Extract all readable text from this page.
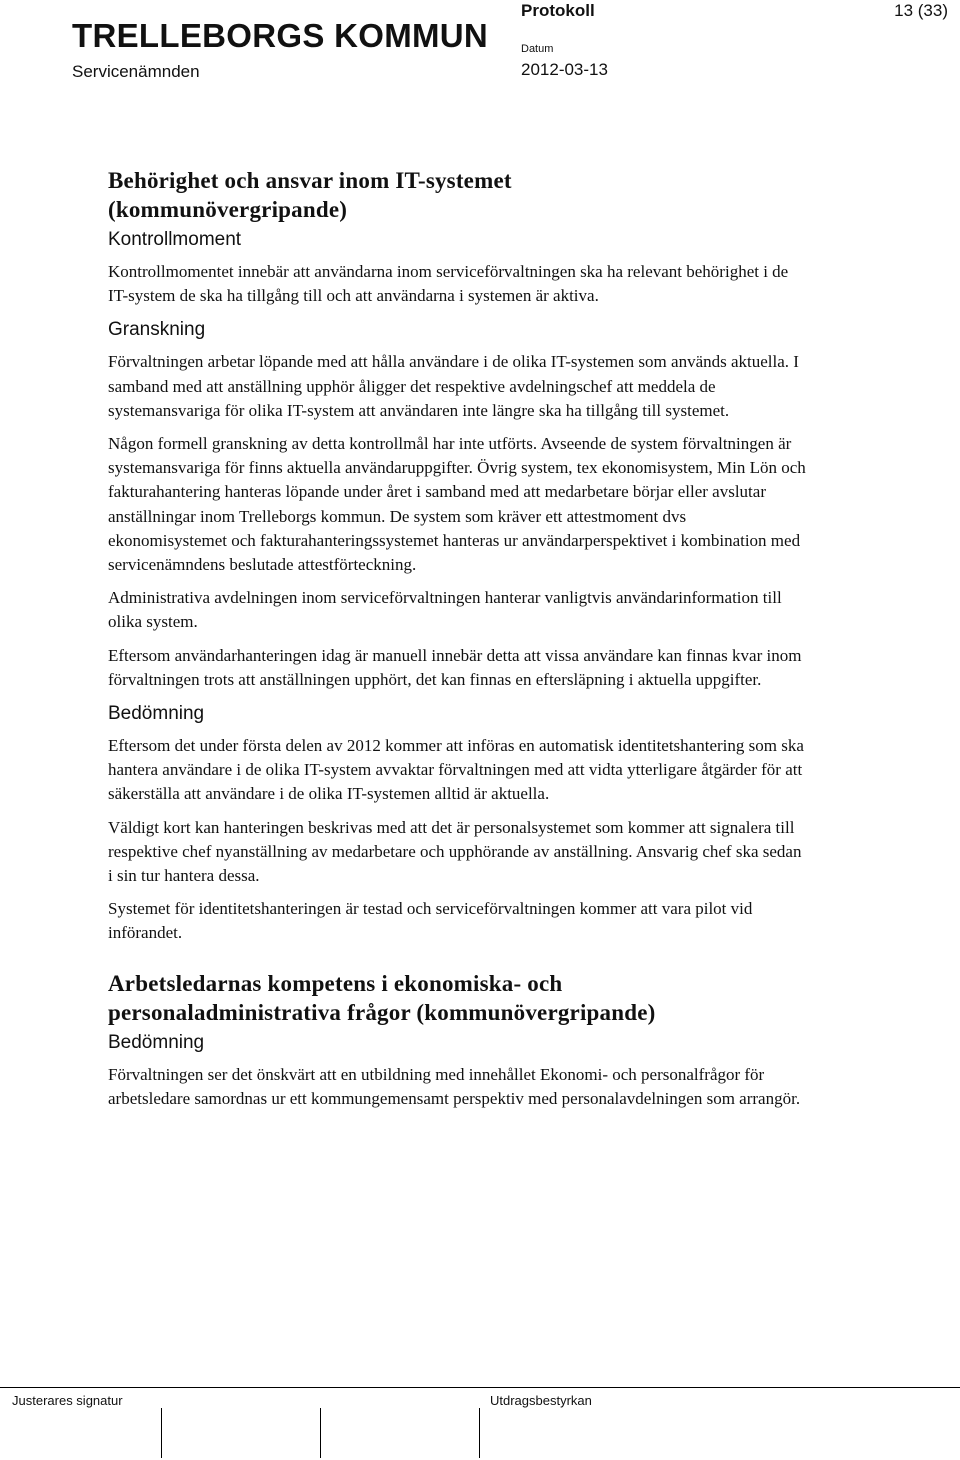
TRELLEBORGS KOMMUN
Servicenämnden
Protokoll
Datum
2012-03-13
13 (33)
Behörighet och ansvar inom IT-systemet
(kommunövergripande)
Kontrollmoment

Kontrollmomentet innebär att användarna inom serviceförvaltningen ska ha relevant behörighet i de IT-system de ska ha tillgång till och att användarna i systemen är aktiva.

Granskning

Förvaltningen arbetar löpande med att hålla användare i de olika IT-systemen som används aktuella. I samband med att anställning upphör åligger det respektive avdelningschef att meddela de systemansvariga för olika IT-system att användaren inte längre ska ha tillgång till systemet.

Någon formell granskning av detta kontrollmål har inte utförts. Avseende de system förvaltningen är systemansvariga för finns aktuella användaruppgifter. Övrig system, tex ekonomisystem, Min Lön och fakturahantering hanteras löpande under året i samband med att medarbetare börjar eller avslutar anställningar inom Trelleborgs kommun. De system som kräver ett attestmoment dvs ekonomisystemet och fakturahanteringssystemet hanteras ur användarperspektivet i kombination med servicenämndens beslutade attestförteckning.

Administrativa avdelningen inom serviceförvaltningen hanterar vanligtvis användarinformation till olika system.

Eftersom användarhanteringen idag är manuell innebär detta att vissa användare kan finnas kvar inom förvaltningen trots att anställningen upphört, det kan finnas en eftersläpning i aktuella uppgifter.

Bedömning

Eftersom det under första delen av 2012 kommer att införas en automatisk identitetshantering som ska hantera användare i de olika IT-system avvaktar förvaltningen med att vidta ytterligare åtgärder för att säkerställa att användare i de olika IT-systemen alltid är aktuella.

Väldigt kort kan hanteringen beskrivas med att det är personalsystemet som kommer att signalera till respektive chef nyanställning av medarbetare och upphörande av anställning. Ansvarig chef ska sedan i sin tur hantera dessa.

Systemet för identitetshanteringen är testad och serviceförvaltningen kommer att vara pilot vid införandet.

Arbetsledarnas kompetens i ekonomiska- och
personaladministrativa frågor (kommunövergripande)
Bedömning

Förvaltningen ser det önskvärt att en utbildning med innehållet Ekonomi- och personalfrågor för arbetsledare samordnas ur ett kommungemensamt perspektiv med personalavdelningen som arrangör.

Justerares signatur	Utdragsbestyrkan
